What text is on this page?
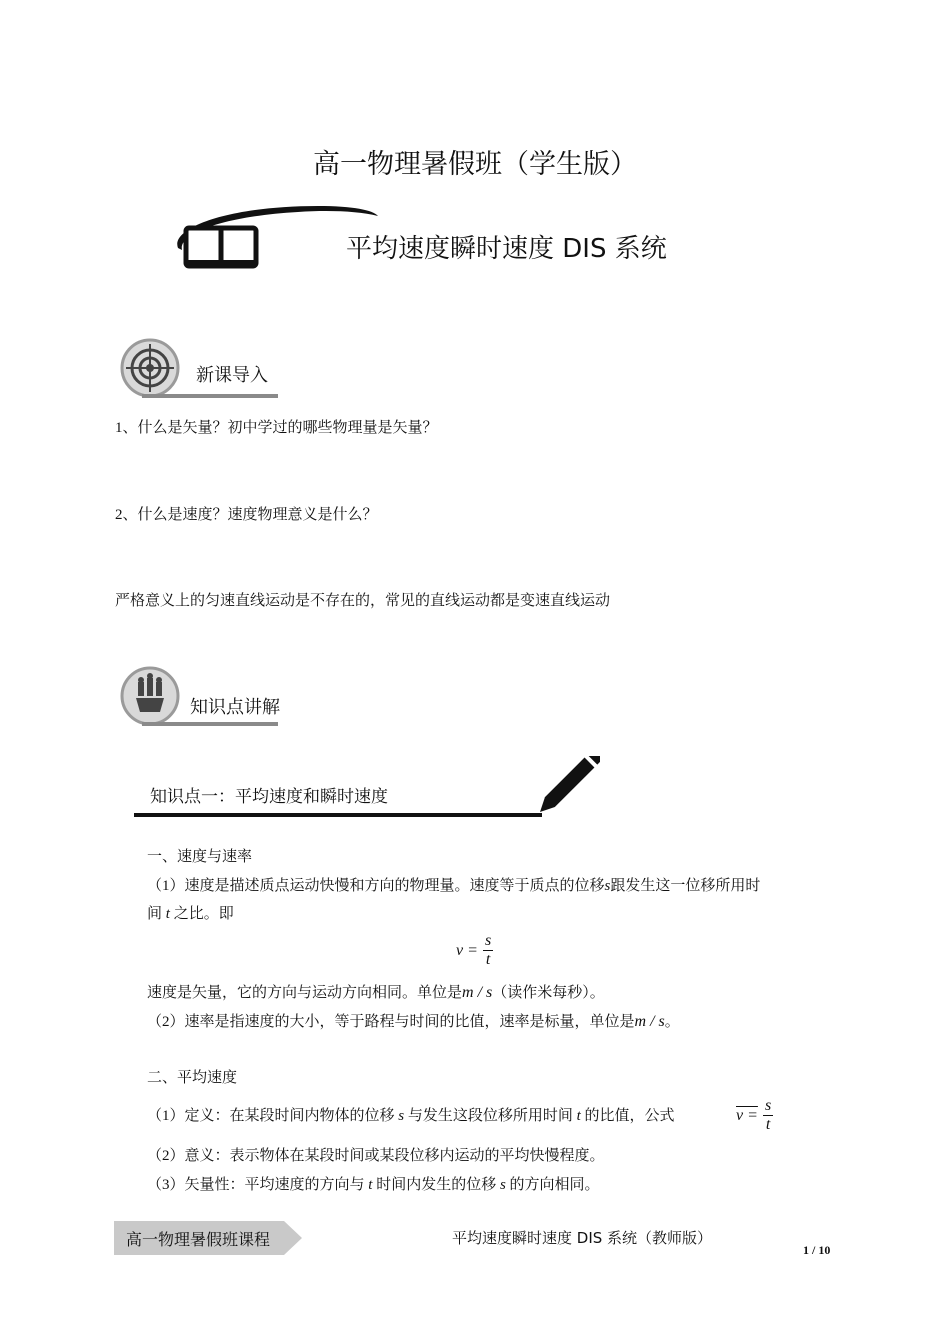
高一物理暑假班（学生版）
平均速度瞬时速度 DIS 系统
新课导入
1、什么是矢量？初中学过的哪些物理量是矢量？
2、什么是速度？速度物理意义是什么？
严格意义上的匀速直线运动是不存在的，常见的直线运动都是变速直线运动
知识点讲解
知识点一：平均速度和瞬时速度
一、速度与速率
（1）速度是描述质点运动快慢和方向的物理量。速度等于质点的位移s跟发生这一位移所用时
间 t 之比。即
$v = \frac{s}{t}$
速度是矢量，它的方向与运动方向相同。单位是m / s（读作米每秒）。
（2）速率是指速度的大小，等于路程与时间的比值，速率是标量，单位是m / s。
二、平均速度
（1）定义：在某段时间内物体的位移 s 与发生这段位移所用时间 t 的比值，公式	$v = \frac{s}{t}$
（2）意义：表示物体在某段时间或某段位移内运动的平均快慢程度。
（3）矢量性：平均速度的方向与 t 时间内发生的位移 s 的方向相同。
高一物理暑假班课程	平均速度瞬时速度 DIS 系统（教师版）
1 / 10
